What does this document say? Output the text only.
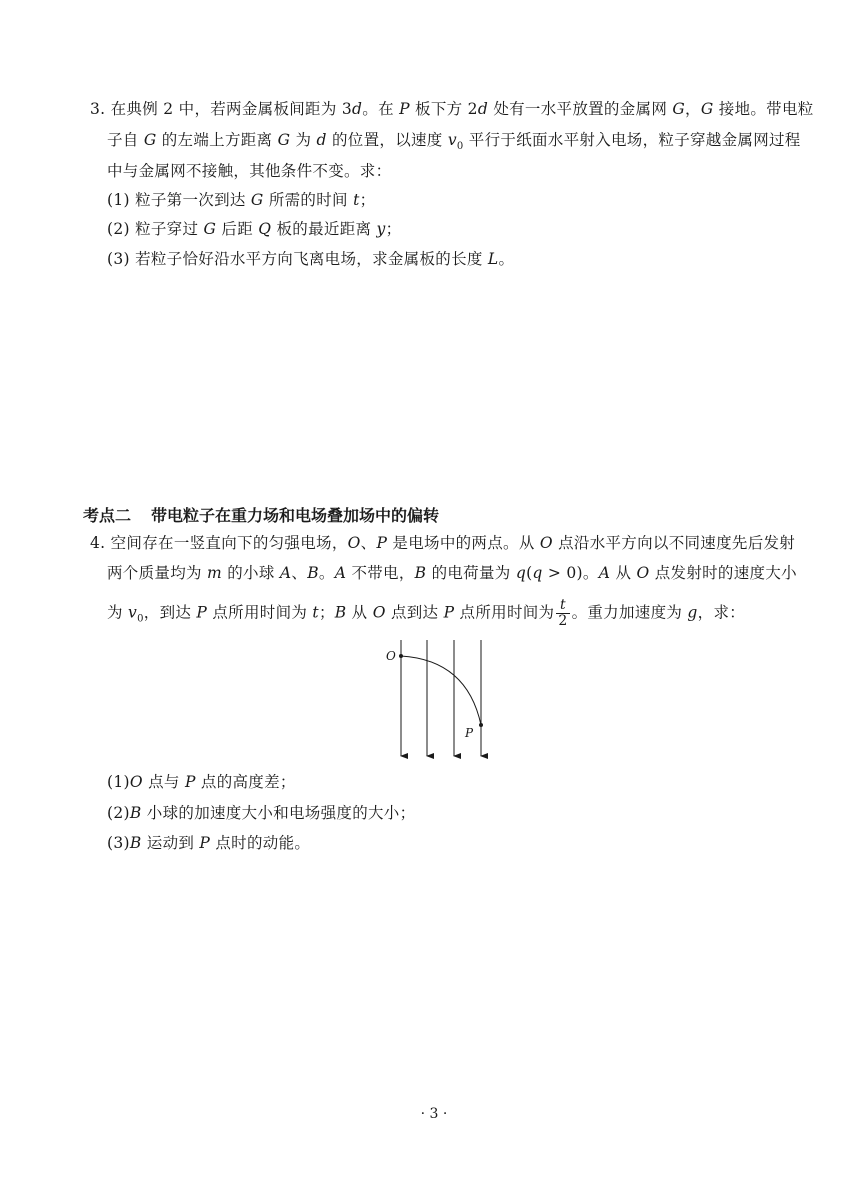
3. 在典例 2 中，若两金属板间距为 3d。在 P 板下方 2d 处有一水平放置的金属网 G，G 接地。带电粒
子自 G 的左端上方距离 G 为 d 的位置，以速度 $v_0$ 平行于纸面水平射入电场，粒子穿越金属网过程
中与金属网不接触，其他条件不变。求：
(1) 粒子第一次到达 G 所需的时间 t；
(2) 粒子穿过 G 后距 Q 板的最近距离 y；
(3) 若粒子恰好沿水平方向飞离电场，求金属板的长度 L。
考点二 带电粒子在重力场和电场叠加场中的偏转
4. 空间存在一竖直向下的匀强电场，O、P 是电场中的两点。从 O 点沿水平方向以不同速度先后发射
两个质量均为 m 的小球 A、B。A 不带电，B 的电荷量为 q(q > 0)。A 从 O 点发射时的速度大小
为 $v_0$，到达 P 点所用时间为 t；B 从 O 点到达 P 点所用时间为 $\frac{t}{2}$ 。重力加速度为 g，求：
O
P
(1)O 点与 P 点的高度差；
(2)B 小球的加速度大小和电场强度的大小；
(3)B 运动到 P 点时的动能。
· 3 ·
